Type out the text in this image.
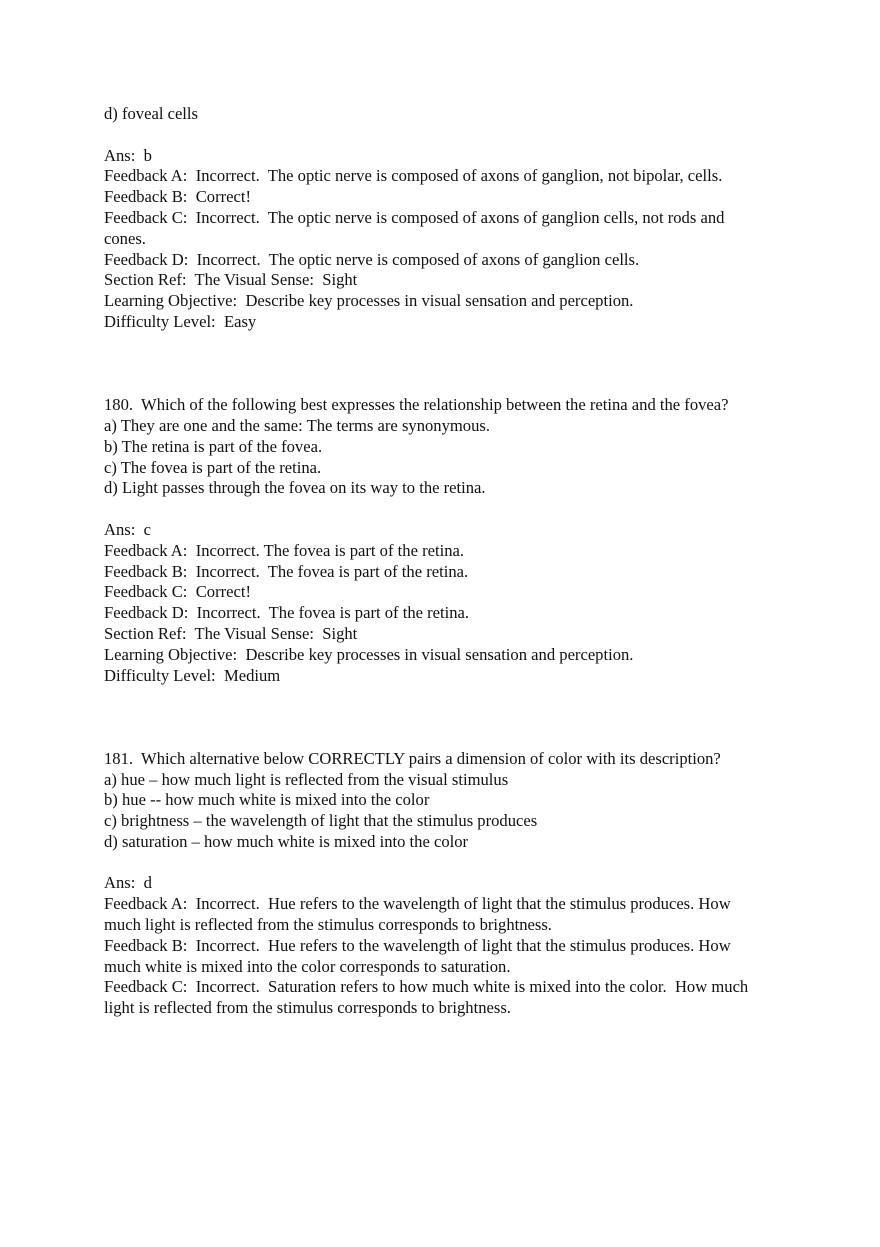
d) foveal cells
Ans:  b
Feedback A:  Incorrect.  The optic nerve is composed of axons of ganglion, not bipolar, cells.
Feedback B:  Correct!
Feedback C:  Incorrect.  The optic nerve is composed of axons of ganglion cells, not rods and
cones.
Feedback D:  Incorrect.  The optic nerve is composed of axons of ganglion cells.
Section Ref:  The Visual Sense:  Sight
Learning Objective:  Describe key processes in visual sensation and perception.
Difficulty Level:  Easy
180.  Which of the following best expresses the relationship between the retina and the fovea?
a) They are one and the same: The terms are synonymous.
b) The retina is part of the fovea.
c) The fovea is part of the retina.
d) Light passes through the fovea on its way to the retina.
Ans:  c
Feedback A:  Incorrect. The fovea is part of the retina.
Feedback B:  Incorrect.  The fovea is part of the retina.
Feedback C:  Correct!
Feedback D:  Incorrect.  The fovea is part of the retina.
Section Ref:  The Visual Sense:  Sight
Learning Objective:  Describe key processes in visual sensation and perception.
Difficulty Level:  Medium
181.  Which alternative below CORRECTLY pairs a dimension of color with its description?
a) hue – how much light is reflected from the visual stimulus
b) hue -- how much white is mixed into the color
c) brightness – the wavelength of light that the stimulus produces
d) saturation – how much white is mixed into the color
Ans:  d
Feedback A:  Incorrect.  Hue refers to the wavelength of light that the stimulus produces. How
much light is reflected from the stimulus corresponds to brightness.
Feedback B:  Incorrect.  Hue refers to the wavelength of light that the stimulus produces. How
much white is mixed into the color corresponds to saturation.
Feedback C:  Incorrect.  Saturation refers to how much white is mixed into the color.  How much
light is reflected from the stimulus corresponds to brightness.
